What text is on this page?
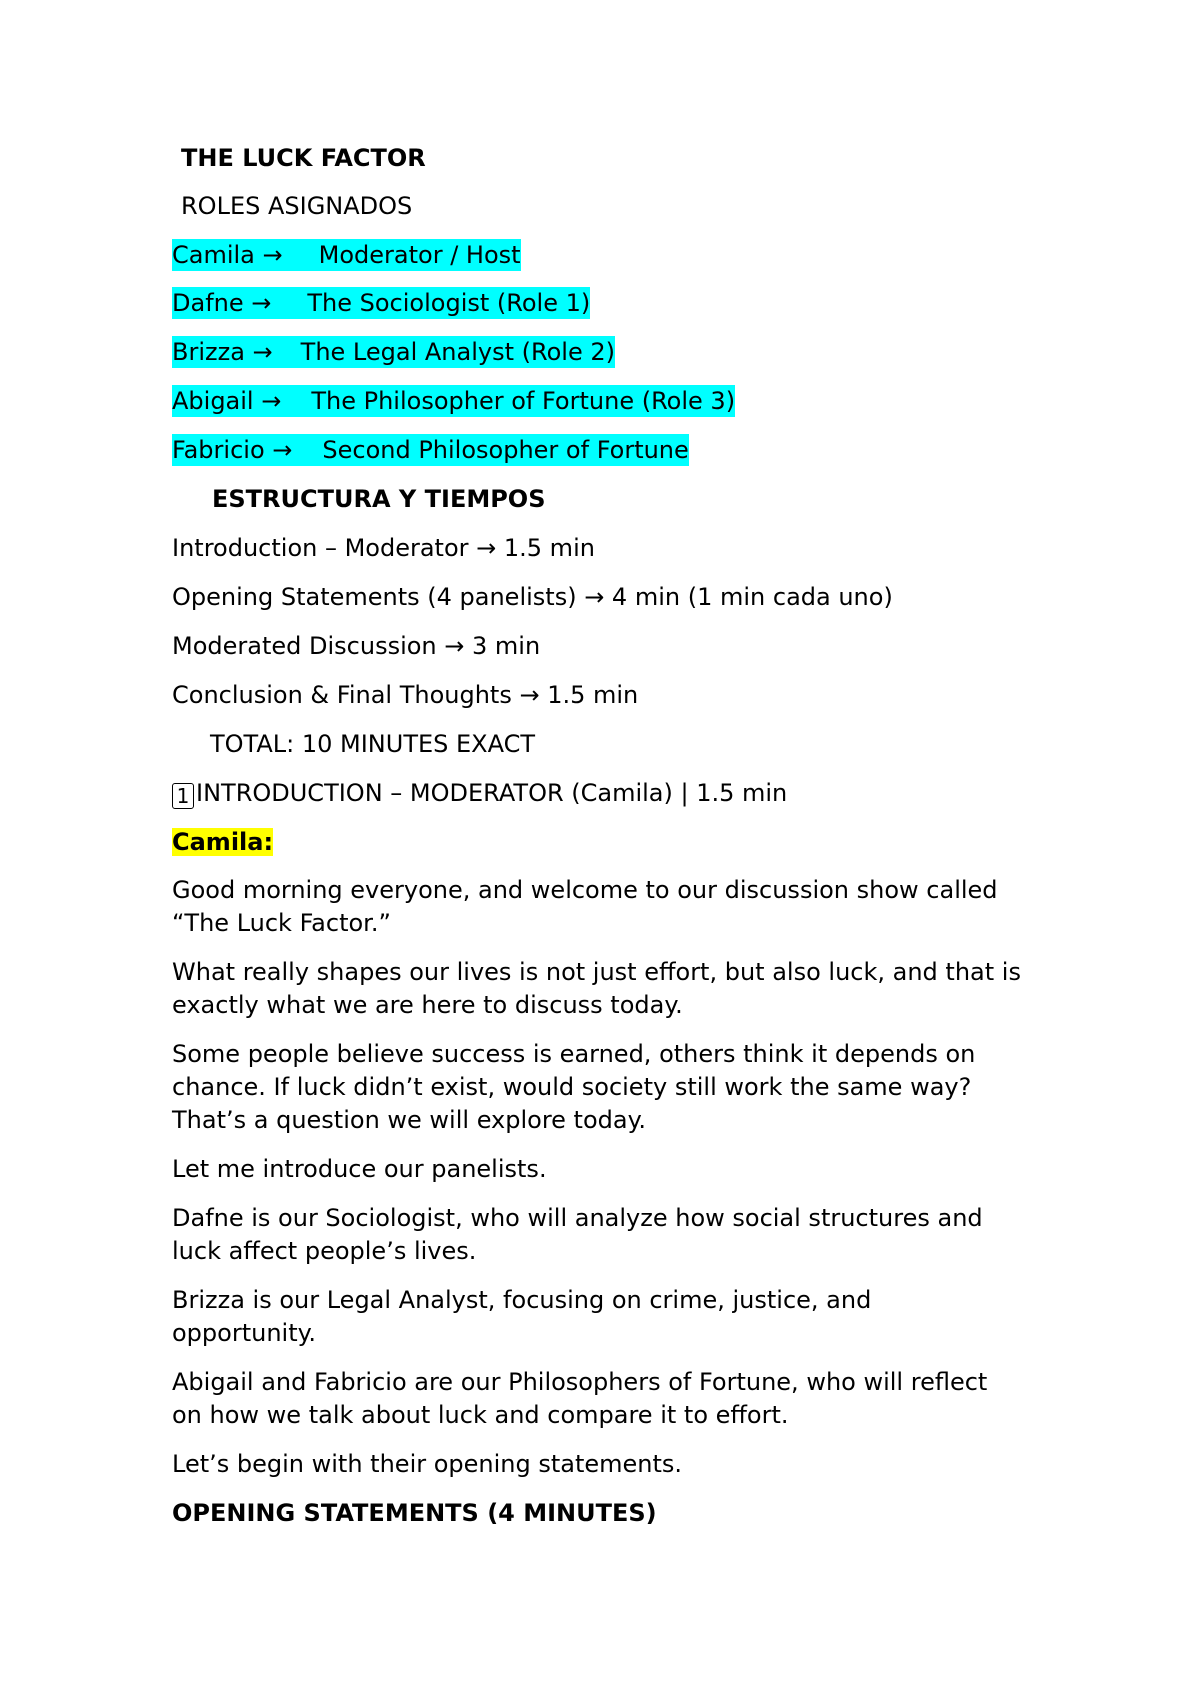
THE LUCK FACTOR
ROLES ASIGNADOS
Camila → Moderator / Host
Dafne → The Sociologist (Role 1)
Brizza → The Legal Analyst (Role 2)
Abigail → The Philosopher of Fortune (Role 3)
Fabricio → Second Philosopher of Fortune
ESTRUCTURA Y TIEMPOS
Introduction – Moderator → 1.5 min
Opening Statements (4 panelists) → 4 min (1 min cada uno)
Moderated Discussion → 3 min
Conclusion & Final Thoughts → 1.5 min
TOTAL: 10 MINUTES EXACT
1 INTRODUCTION – MODERATOR (Camila) | 1.5 min
Camila:
Good morning everyone, and welcome to our discussion show called
“The Luck Factor.”
What really shapes our lives is not just effort, but also luck, and that is
exactly what we are here to discuss today.
Some people believe success is earned, others think it depends on
chance. If luck didn’t exist, would society still work the same way?
That’s a question we will explore today.
Let me introduce our panelists.
Dafne is our Sociologist, who will analyze how social structures and
luck affect people’s lives.
Brizza is our Legal Analyst, focusing on crime, justice, and
opportunity.
Abigail and Fabricio are our Philosophers of Fortune, who will reflect
on how we talk about luck and compare it to effort.
Let’s begin with their opening statements.
OPENING STATEMENTS (4 MINUTES)
